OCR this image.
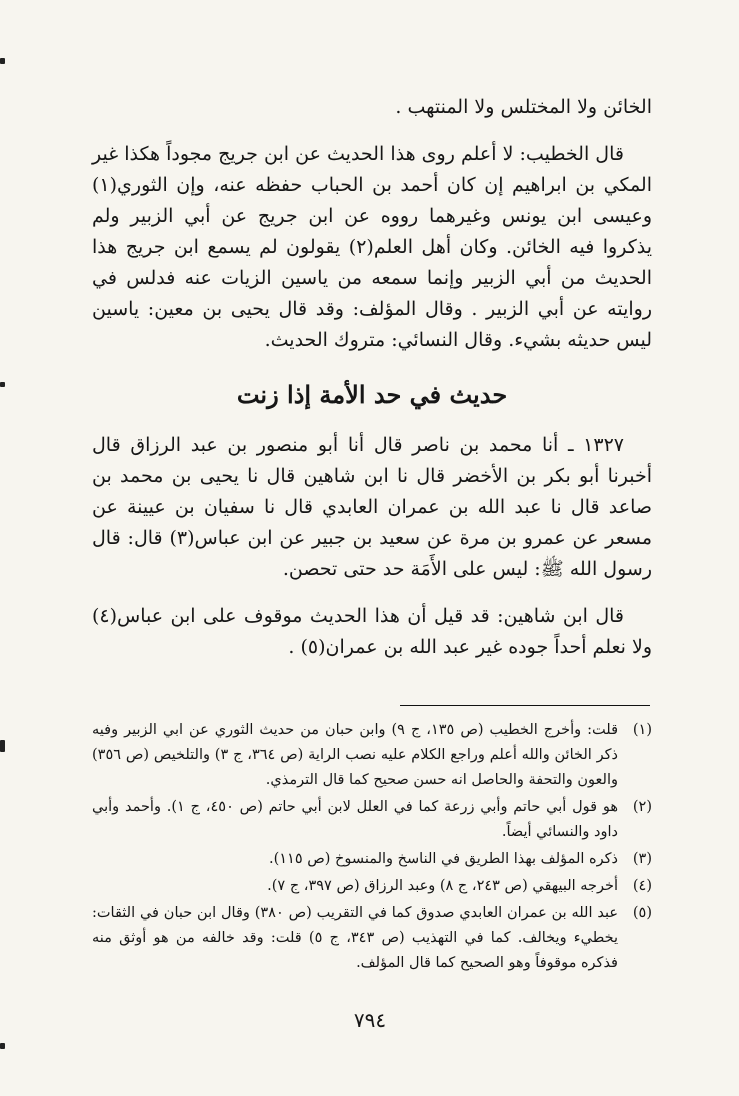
الخائن ولا المختلس ولا المنتهب .

قال الخطيب: لا أعلم روى هذا الحديث عن ابن جريج مجوداً هكذا غير المكي بن ابراهيم إن كان أحمد بن الحباب حفظه عنه، وإن الثوري(١) وعيسى ابن يونس وغيرهما رووه عن ابن جريج عن أبي الزبير ولم يذكروا فيه الخائن. وكان أهل العلم(٢) يقولون لم يسمع ابن جريج هذا الحديث من أبي الزبير وإنما سمعه من ياسين الزيات عنه فدلس في روايته عن أبي الزبير . وقال المؤلف: وقد قال يحيى بن معين: ياسين ليس حديثه بشيء. وقال النسائي: متروك الحديث.

حديث في حد الأمة إذا زنت

١٣٢٧ ـ أنا محمد بن ناصر قال أنا أبو منصور بن عبد الرزاق قال أخبرنا أبو بكر بن الأخضر قال نا ابن شاهين قال نا يحيى بن محمد بن صاعد قال نا عبد الله بن عمران العابدي قال نا سفيان بن عيينة عن مسعر عن عمرو بن مرة عن سعيد بن جبير عن ابن عباس(٣) قال: قال رسول الله ﷺ: ليس على الأَمَة حد حتى تحصن.

قال ابن شاهين: قد قيل أن هذا الحديث موقوف على ابن عباس(٤) ولا نعلم أحداً جوده غير عبد الله بن عمران(٥) .

(١)
قلت: وأخرج الخطيب (ص ١٣٥، ج ٩) وابن حبان من حديث الثوري عن ابي الزبير وفيه ذكر الخائن والله أعلم وراجع الكلام عليه نصب الراية (ص ٣٦٤، ج ٣) والتلخيص (ص ٣٥٦) والعون والتحفة والحاصل انه حسن صحيح كما قال الترمذي.
(٢)
هو قول أبي حاتم وأبي زرعة كما في العلل لابن أبي حاتم (ص ٤٥٠، ج ١). وأحمد وأبي داود والنسائي أيضاً.
(٣)
ذكره المؤلف بهذا الطريق في الناسخ والمنسوخ (ص ١١٥).
(٤)
أخرجه البيهقي (ص ٢٤٣، ج ٨) وعبد الرزاق (ص ٣٩٧، ج ٧).
(٥)
عبد الله بن عمران العابدي صدوق كما في التقريب (ص ٣٨٠) وقال ابن حبان في الثقات: يخطيء ويخالف. كما في التهذيب (ص ٣٤٣، ج ٥) قلت: وقد خالفه من هو أوثق منه فذكره موقوفاً وهو الصحيح كما قال المؤلف.
٧٩٤
